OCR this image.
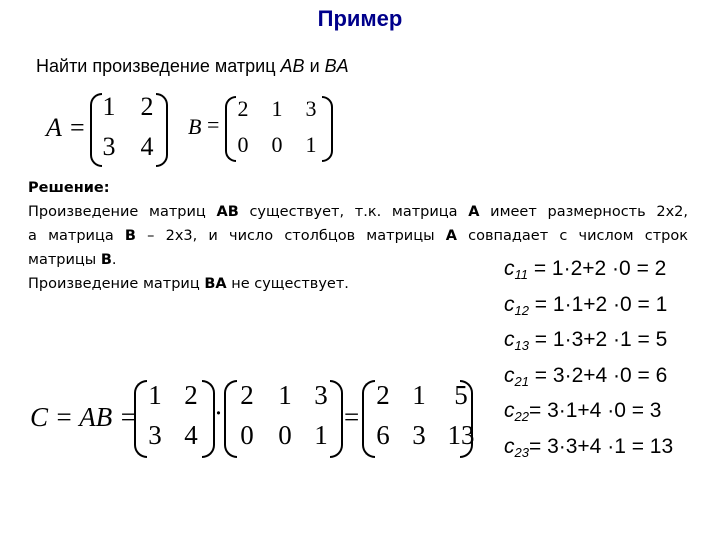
Пример
Найти произведение матриц AB и BA
A =
1 2
3 4
B =
2	1	3
0	0	1
Решение:
Произведение матриц AB существует, т.к. матрица A имеет размерность 2х2,
а матрица B – 2х3, и число столбцов матрицы A совпадает с числом строк
матрицы B.
Произведение матриц BA не существует.
$c_{11} = 1\cdot 2+2 \cdot 0 = 2$
$c_{12} = 1\cdot 1+2 \cdot 0 = 1$
$c_{13} = 1\cdot 3+2 \cdot 1 = 5$
$c_{21} = 3\cdot 2+4 \cdot 0 = 6$
$c_{22}= 3\cdot 1+4 \cdot 0 = 3$
$c_{23}= 3\cdot 3+4 \cdot 1 = 13$
C = AB =
1 2
3 4
·
2 1 3
0 0 1
=
2 1	5
6 3 13
